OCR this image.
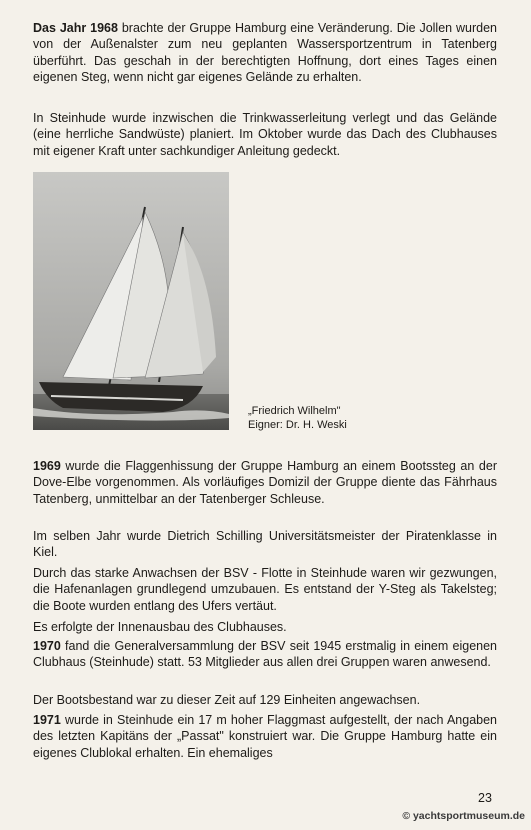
Das Jahr 1968 brachte der Gruppe Hamburg eine Veränderung. Die Jollen wurden von der Außenalster zum neu geplanten Wassersportzentrum in Tatenberg überführt. Das geschah in der berechtigten Hoffnung, dort eines Tages einen eigenen Steg, wenn nicht gar eigenes Gelände zu erhalten.

In Steinhude wurde inzwischen die Trinkwasserleitung verlegt und das Gelände (eine herrliche Sandwüste) planiert. Im Oktober wurde das Dach des Clubhauses mit eigener Kraft unter sachkundiger Anleitung gedeckt.

„Friedrich Wilhelm"
Eigner: Dr. H. Weski

1969 wurde die Flaggenhissung der Gruppe Hamburg an einem Bootssteg an der Dove-Elbe vorgenommen. Als vorläufiges Domizil der Gruppe diente das Fährhaus Tatenberg, unmittelbar an der Tatenberger Schleuse.

Im selben Jahr wurde Dietrich Schilling Universitätsmeister der Piratenklasse in Kiel.

Durch das starke Anwachsen der BSV - Flotte in Steinhude waren wir gezwungen, die Hafenanlagen grundlegend umzubauen. Es entstand der Y-Steg als Takelsteg; die Boote wurden entlang des Ufers vertäut.

Es erfolgte der Innenausbau des Clubhauses.

1970 fand die Generalversammlung der BSV seit 1945 erstmalig in einem eigenen Clubhaus (Steinhude) statt. 53 Mitglieder aus allen drei Gruppen waren anwesend.

Der Bootsbestand war zu dieser Zeit auf 129 Einheiten angewachsen.

1971 wurde in Steinhude ein 17 m hoher Flaggmast aufgestellt, der nach Angaben des letzten Kapitäns der „Passat" konstruiert war. Die Gruppe Hamburg hatte ein eigenes Clublokal erhalten. Ein ehemaliges

23
© yachtsportmuseum.de
